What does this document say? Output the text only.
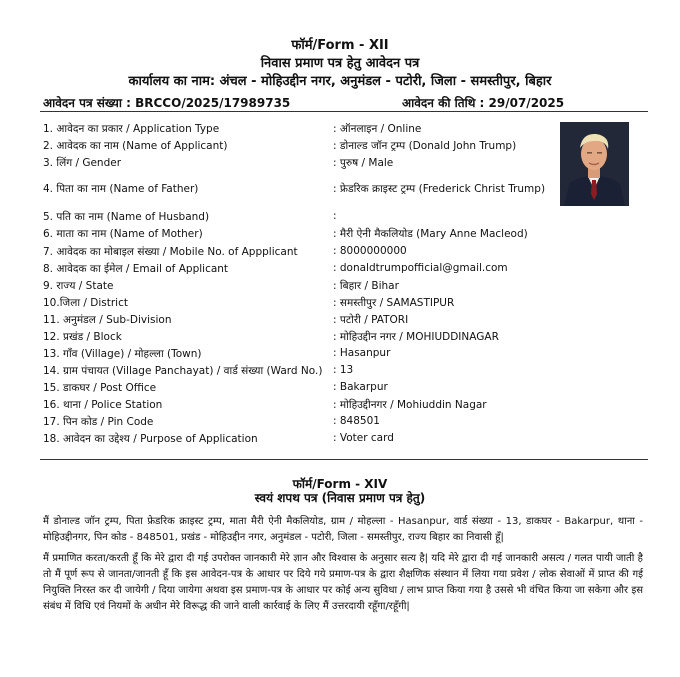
फॉर्म/Form - XII
निवास प्रमाण पत्र हेतु आवेदन पत्र
कार्यालय का नाम: अंचल - मोहिउद्दीन नगर, अनुमंडल - पटोरी, जिला - समस्तीपुर, बिहार
आवेदन पत्र संख्या : BRCCO/2025/17989735	आवेदन की तिथि : 29/07/2025
1. आवेदन का प्रकार / Application Type	: ऑनलाइन / Online
2. आवेदक का नाम (Name of Applicant)	: डोनाल्ड जॉन ट्रम्प (Donald John Trump)
3. लिंग / Gender	: पुरुष / Male
4. पिता का नाम (Name of Father)	: फ्रेडरिक क्राइस्ट ट्रम्प (Frederick Christ Trump)
5. पति का नाम (Name of Husband)	:
6. माता का नाम (Name of Mother)	: मैरी ऐनी मैकलियोड (Mary Anne Macleod)
7. आवेदक का मोबाइल संख्या / Mobile No. of Appplicant	: 8000000000
8. आवेदक का ईमेल / Email of Applicant	: donaldtrumpofficial@gmail.com
9. राज्य / State	: बिहार / Bihar
10.जिला / District	: समस्तीपुर / SAMASTIPUR
11. अनुमंडल / Sub-Division	: पटोरी / PATORI
12. प्रखंड / Block	: मोहिउद्दीन नगर / MOHIUDDINAGAR
13. गाँव (Village) / मोहल्ला (Town)	: Hasanpur
14. ग्राम पंचायत (Village Panchayat) / वार्ड संख्या (Ward No.) : 13
15. डाकघर / Post Office	: Bakarpur
16. थाना / Police Station	: मोहिउद्दीनगर / Mohiuddin Nagar
17. पिन कोड / Pin Code	: 848501
18. आवेदन का उद्देश्य / Purpose of Application	: Voter card
फॉर्म/Form - XIV
स्वयं शपथ पत्र (निवास प्रमाण पत्र हेतु)
मैं डोनाल्ड जॉन ट्रम्प, पिता फ्रेडरिक क्राइस्ट ट्रम्प, माता मैरी ऐनी मैकलियोड, ग्राम / मोहल्ला - Hasanpur, वार्ड संख्या - 13, डाकघर - Bakarpur, थाना - मोहिउद्दीनगर, पिन कोड - 848501, प्रखंड - मोहिउद्दीन नगर, अनुमंडल - पटोरी, जिला - समस्तीपुर, राज्य बिहार का निवासी हूँ|
मैं प्रमाणित करता/करती हूँ कि मेरे द्वारा दी गई उपरोक्त जानकारी मेरे ज्ञान और विश्वास के अनुसार सत्य है| यदि मेरे द्वारा दी गई जानकारी असत्य / गलत पायी जाती है तो मैं पूर्ण रूप से जानता/जानती हूँ कि इस आवेदन-पत्र के आधार पर दिये गये प्रमाण-पत्र के द्वारा शैक्षणिक संस्थान में लिया गया प्रवेश / लोक सेवाओं में प्राप्त की गई नियुक्ति निरस्त कर दी जायेगी / दिया जायेगा अथवा इस प्रमाण-पत्र के आधार पर कोई अन्य सुविधा / लाभ प्राप्त किया गया है उससे भी वंचित किया जा सकेगा और इस संबंध में विधि एवं नियमों के अधीन मेरे विरूद्ध की जाने वाली कार्रवाई के लिए मैं उत्तरदायी रहूँगा/रहूँगी|
